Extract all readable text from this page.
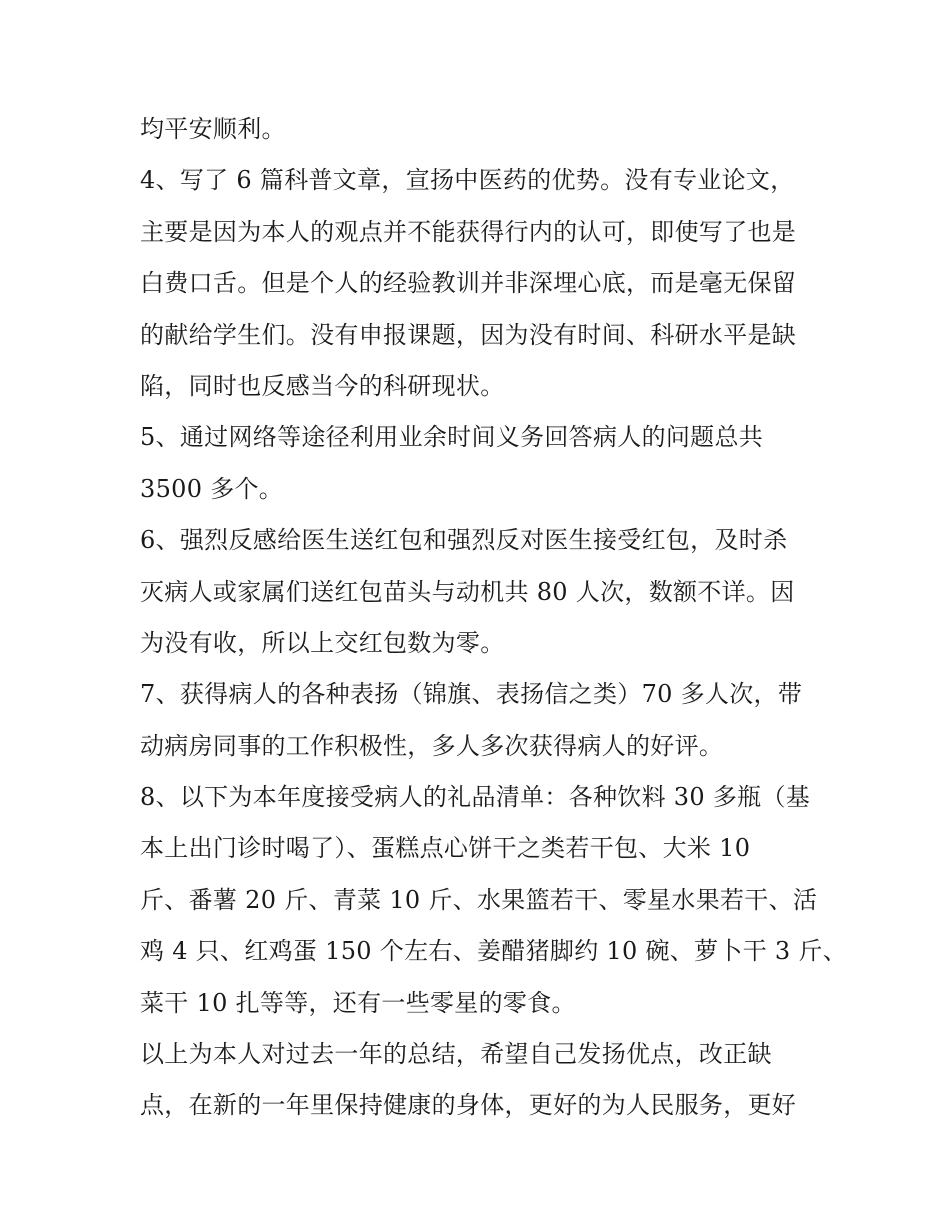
均平安顺利。
4、写了 6 篇科普文章，宣扬中医药的优势。没有专业论文，
主要是因为本人的观点并不能获得行内的认可，即使写了也是
白费口舌。但是个人的经验教训并非深埋心底，而是毫无保留
的献给学生们。没有申报课题，因为没有时间、科研水平是缺
陷，同时也反感当今的科研现状。
5、通过网络等途径利用业余时间义务回答病人的问题总共
3500 多个。
6、强烈反感给医生送红包和强烈反对医生接受红包，及时杀
灭病人或家属们送红包苗头与动机共 80 人次，数额不详。因
为没有收，所以上交红包数为零。
7、获得病人的各种表扬（锦旗、表扬信之类）70 多人次，带
动病房同事的工作积极性，多人多次获得病人的好评。
8、以下为本年度接受病人的礼品清单：各种饮料 30 多瓶（基
本上出门诊时喝了）、蛋糕点心饼干之类若干包、大米 10
斤、番薯 20 斤、青菜 10 斤、水果篮若干、零星水果若干、活
鸡 4 只、红鸡蛋 150 个左右、姜醋猪脚约 10 碗、萝卜干 3 斤、
菜干 10 扎等等，还有一些零星的零食。
以上为本人对过去一年的总结，希望自己发扬优点，改正缺
点，在新的一年里保持健康的身体，更好的为人民服务，更好
